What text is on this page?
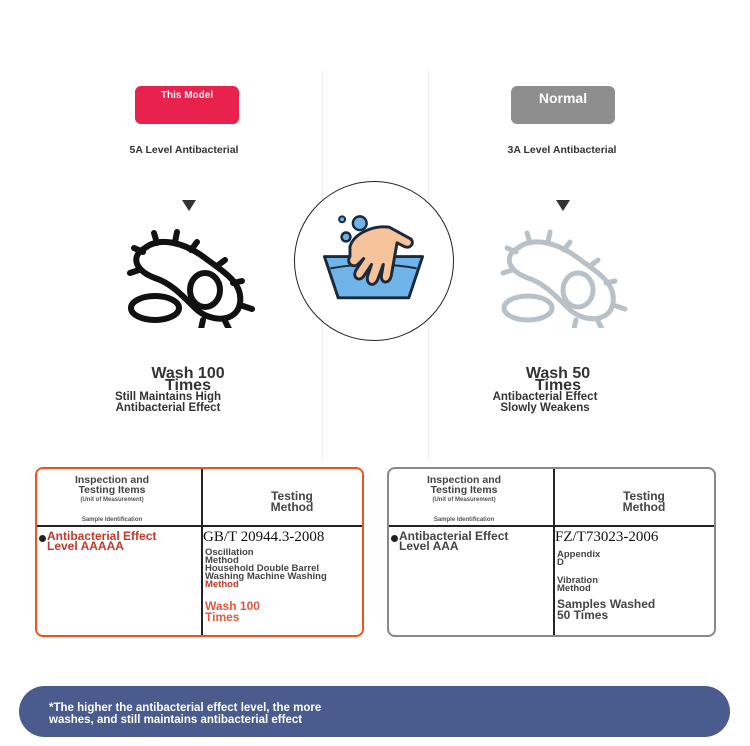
This Model
5A Level Antibacterial
Wash 100
Times
Still Maintains High
Antibacterial Effect
Normal
3A Level Antibacterial
Wash 50
Times
Antibacterial Effect
Slowly Weakens
Inspection and
Testing Items
(Unit of Measurement)
Sample Identification
Testing
Method
Antibacterial Effect
Level AAAAA
GB/T 20944.3-2008
Oscillation
Method
Household Double Barrel
Washing Machine Washing
Method
Wash 100
Times
Inspection and
Testing Items
(Unit of Measurement)
Sample Identification
Testing
Method
Antibacterial Effect
Level AAA
FZ/T73023-2006
Appendix
D
Vibration
Method
Samples Washed
50 Times
*The higher the antibacterial effect level, the more
washes, and still maintains antibacterial effect
